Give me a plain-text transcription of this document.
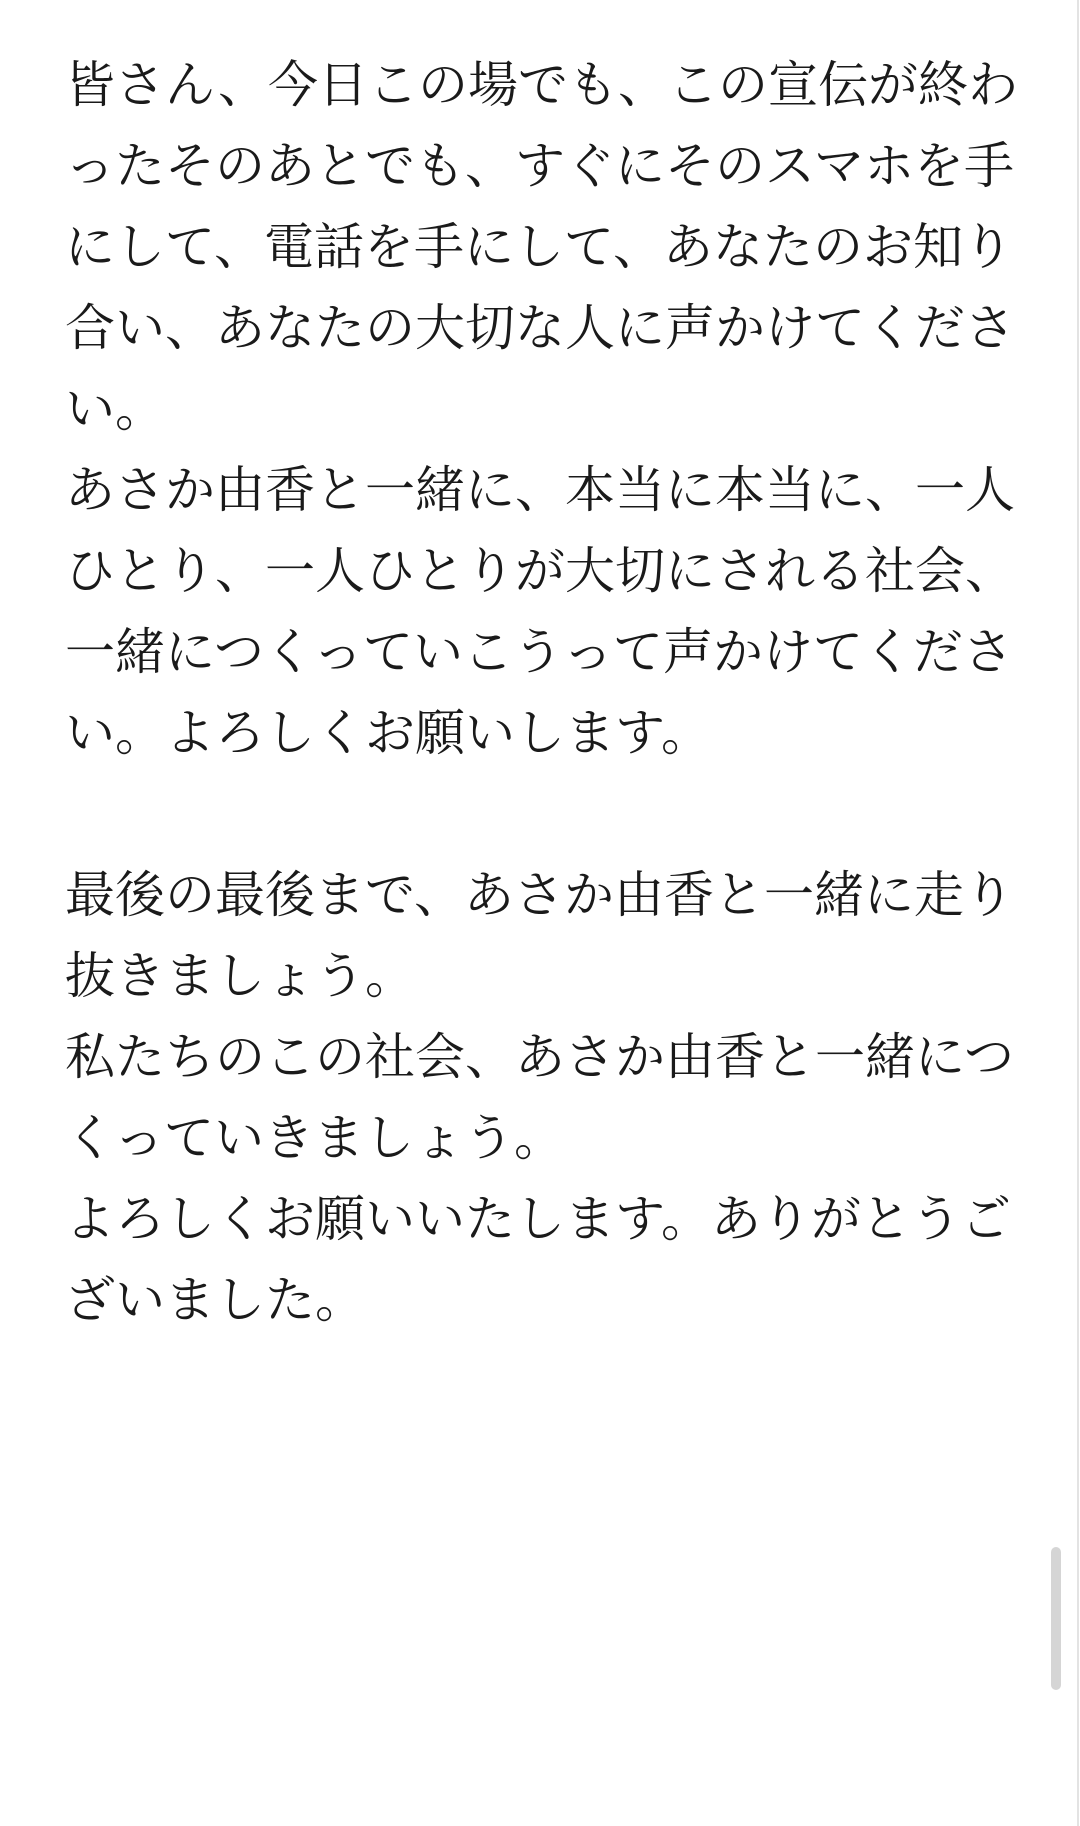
皆さん、今日この場でも、この宣伝が終わったそのあとでも、すぐにそのスマホを手にして、電話を手にして、あなたのお知り合い、あなたの大切な人に声かけてください。

あさか由香と一緒に、本当に本当に、一人ひとり、一人ひとりが大切にされる社会、一緒につくっていこうって声かけてください。よろしくお願いします。

最後の最後まで、あさか由香と一緒に走り抜きましょう。

私たちのこの社会、あさか由香と一緒につくっていきましょう。

よろしくお願いいたします。ありがとうございました。
